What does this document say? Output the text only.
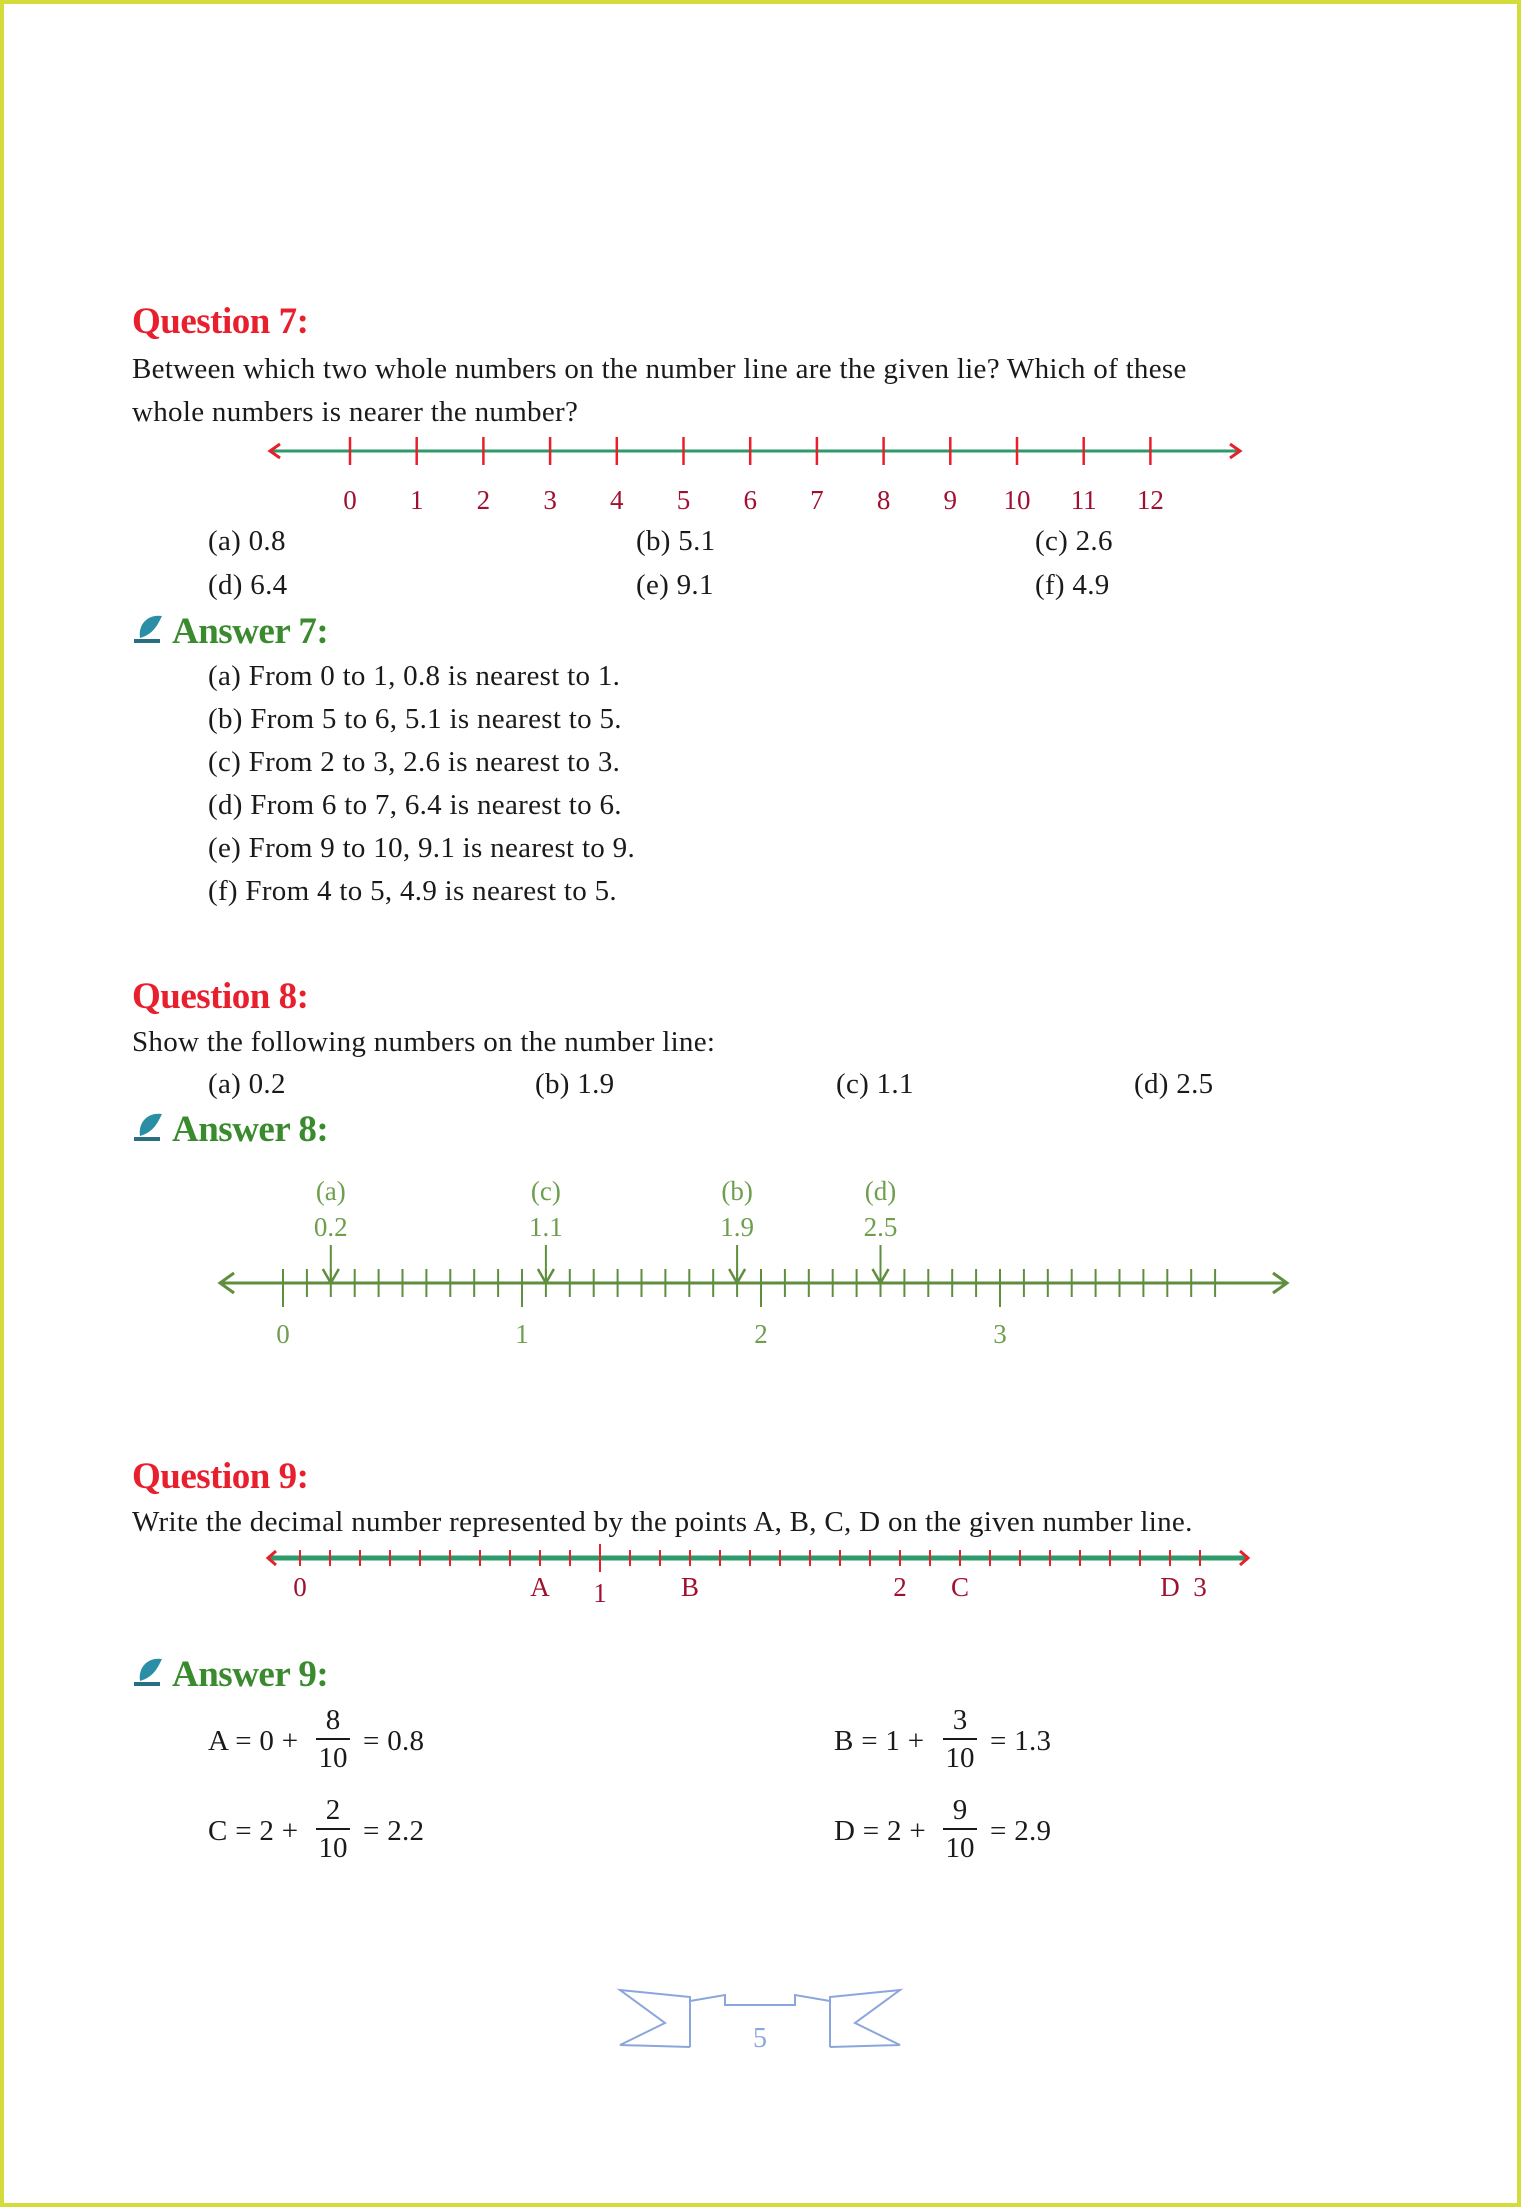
Question 7:
Between which two whole numbers on the number line are the given lie? Which of these
whole numbers is nearer the number?
0 1 2 3 4 5 6 7 8 9 10 11 12
(a) 0.8	(b) 5.1	(c) 2.6
(d) 6.4	(e) 9.1	(f) 4.9
Answer 7:
(a) From 0 to 1, 0.8 is nearest to 1.
(b) From 5 to 6, 5.1 is nearest to 5.
(c) From 2 to 3, 2.6 is nearest to 3.
(d) From 6 to 7, 6.4 is nearest to 6.
(e) From 9 to 10, 9.1 is nearest to 9.
(f) From 4 to 5, 4.9 is nearest to 5.
Question 8:
Show the following numbers on the number line:
(a) 0.2	(b) 1.9	(c) 1.1	(d) 2.5
Answer 8:
0	1	2	3
(a)
0.2
(c)
1.1
(b)
1.9
(d)
2.5
Question 9:
Write the decimal number represented by the points A, B, C, D on the given number line.
0	A 1	B	2 C	D 3
Answer 9:
A = 0 +
8
10
= 0.8	B = 1 +
3
10
= 1.3
C = 2 +
2
10
= 2.2	D = 2 +
9
10
= 2.9
5
